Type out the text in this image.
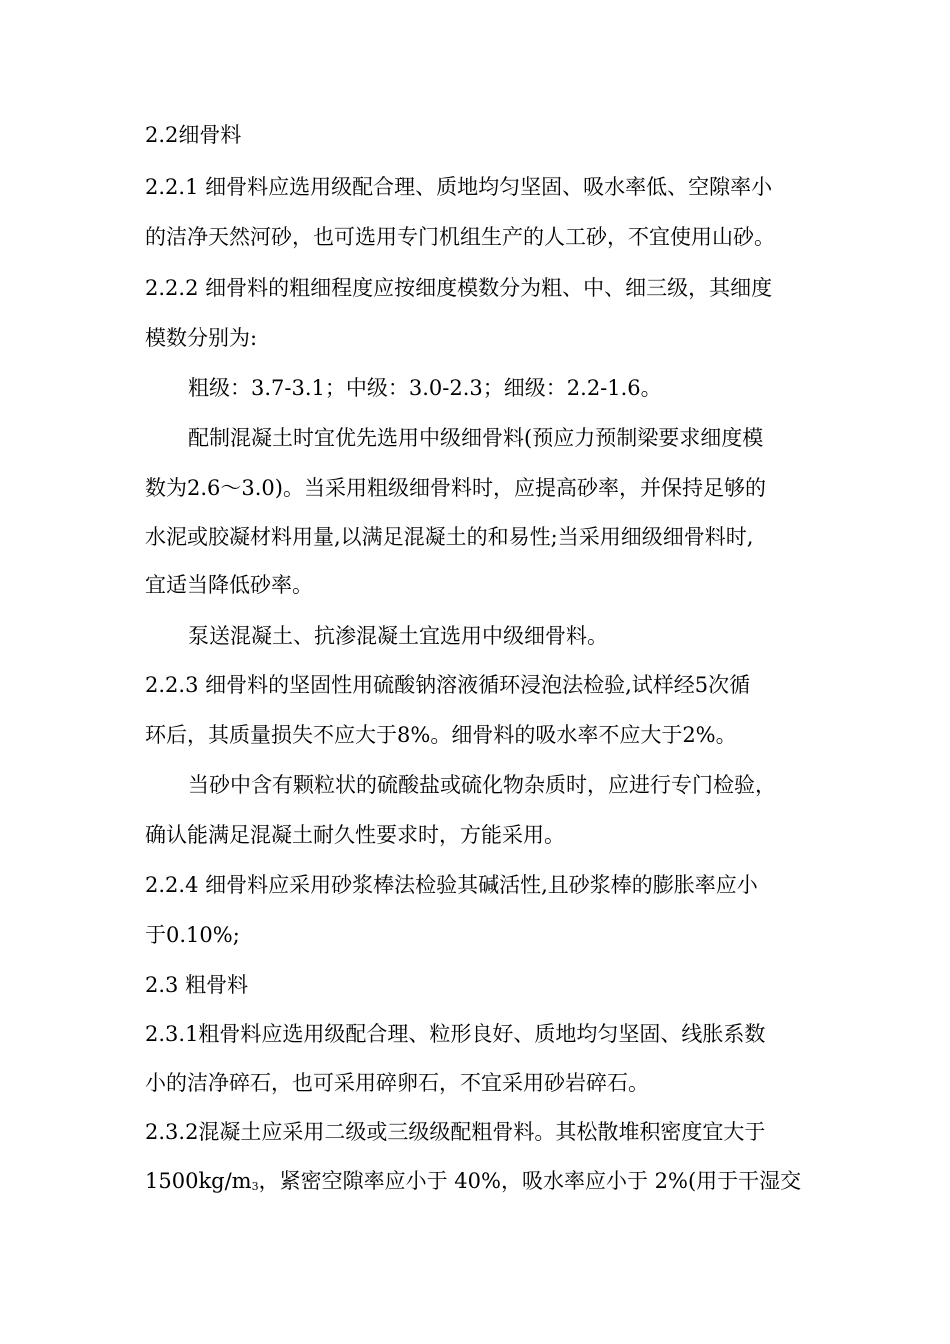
2.2细骨料
2.2.1 细骨料应选用级配合理、质地均匀坚固、吸水率低、空隙率小
的洁净天然河砂，也可选用专门机组生产的人工砂，不宜使用山砂。
2.2.2 细骨料的粗细程度应按细度模数分为粗、中、细三级，其细度
模数分别为:
粗级：3.7-3.1；中级：3.0-2.3；细级：2.2-1.6。
配制混凝土时宜优先选用中级细骨料(预应力预制梁要求细度模
数为2.6～3.0)。当采用粗级细骨料时，应提高砂率，并保持足够的
水泥或胶凝材料用量,以满足混凝土的和易性;当采用细级细骨料时,
宜适当降低砂率。
泵送混凝土、抗渗混凝土宜选用中级细骨料。
2.2.3 细骨料的坚固性用硫酸钠溶液循环浸泡法检验,试样经5次循
环后，其质量损失不应大于8%。细骨料的吸水率不应大于2%。
当砂中含有颗粒状的硫酸盐或硫化物杂质时，应进行专门检验，
确认能满足混凝土耐久性要求时，方能采用。
2.2.4 细骨料应采用砂浆棒法检验其碱活性,且砂浆棒的膨胀率应小
于0.10%;
2.3 粗骨料
2.3.1粗骨料应选用级配合理、粒形良好、质地均匀坚固、线胀系数
小的洁净碎石，也可采用碎卵石，不宜采用砂岩碎石。
2.3.2混凝土应采用二级或三级级配粗骨料。其松散堆积密度宜大于
1500kg/m3，紧密空隙率应小于 40%，吸水率应小于 2%(用于干湿交
